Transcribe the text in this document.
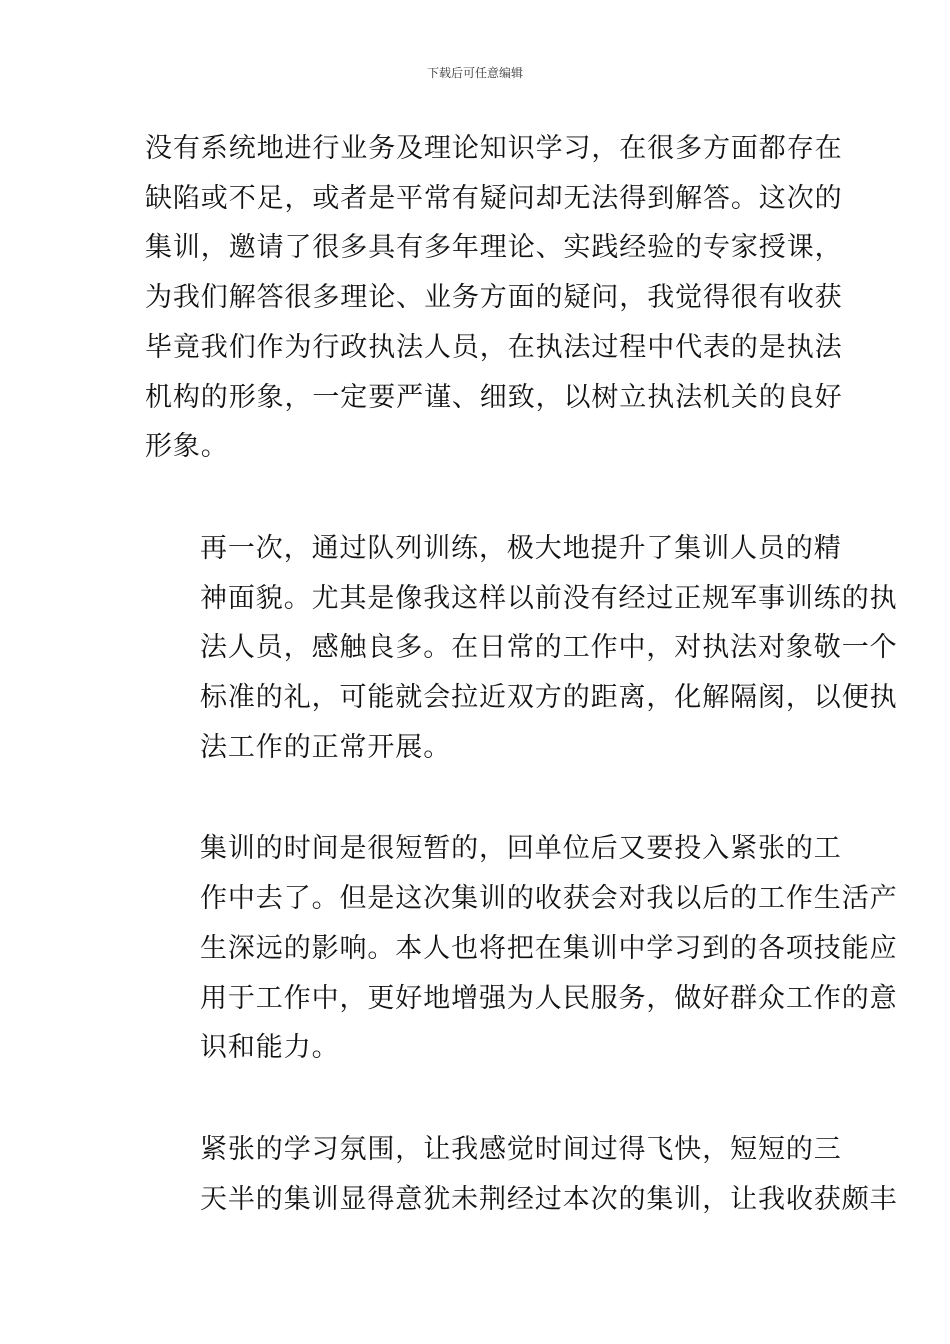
下载后可任意编辑

没有系统地进行业务及理论知识学习，在很多方面都存在
缺陷或不足，或者是平常有疑问却无法得到解答。这次的
集训，邀请了很多具有多年理论、实践经验的专家授课，
为我们解答很多理论、业务方面的疑问，我觉得很有收获
毕竟我们作为行政执法人员，在执法过程中代表的是执法
机构的形象，一定要严谨、细致，以树立执法机关的良好
形象。

再一次，通过队列训练，极大地提升了集训人员的精
神面貌。尤其是像我这样以前没有经过正规军事训练的执
法人员，感触良多。在日常的工作中，对执法对象敬一个
标准的礼，可能就会拉近双方的距离，化解隔阂，以便执
法工作的正常开展。

集训的时间是很短暂的，回单位后又要投入紧张的工
作中去了。但是这次集训的收获会对我以后的工作生活产
生深远的影响。本人也将把在集训中学习到的各项技能应
用于工作中，更好地增强为人民服务，做好群众工作的意
识和能力。

紧张的学习氛围，让我感觉时间过得飞快，短短的三
天半的集训显得意犹未荆经过本次的集训，让我收获颇丰
